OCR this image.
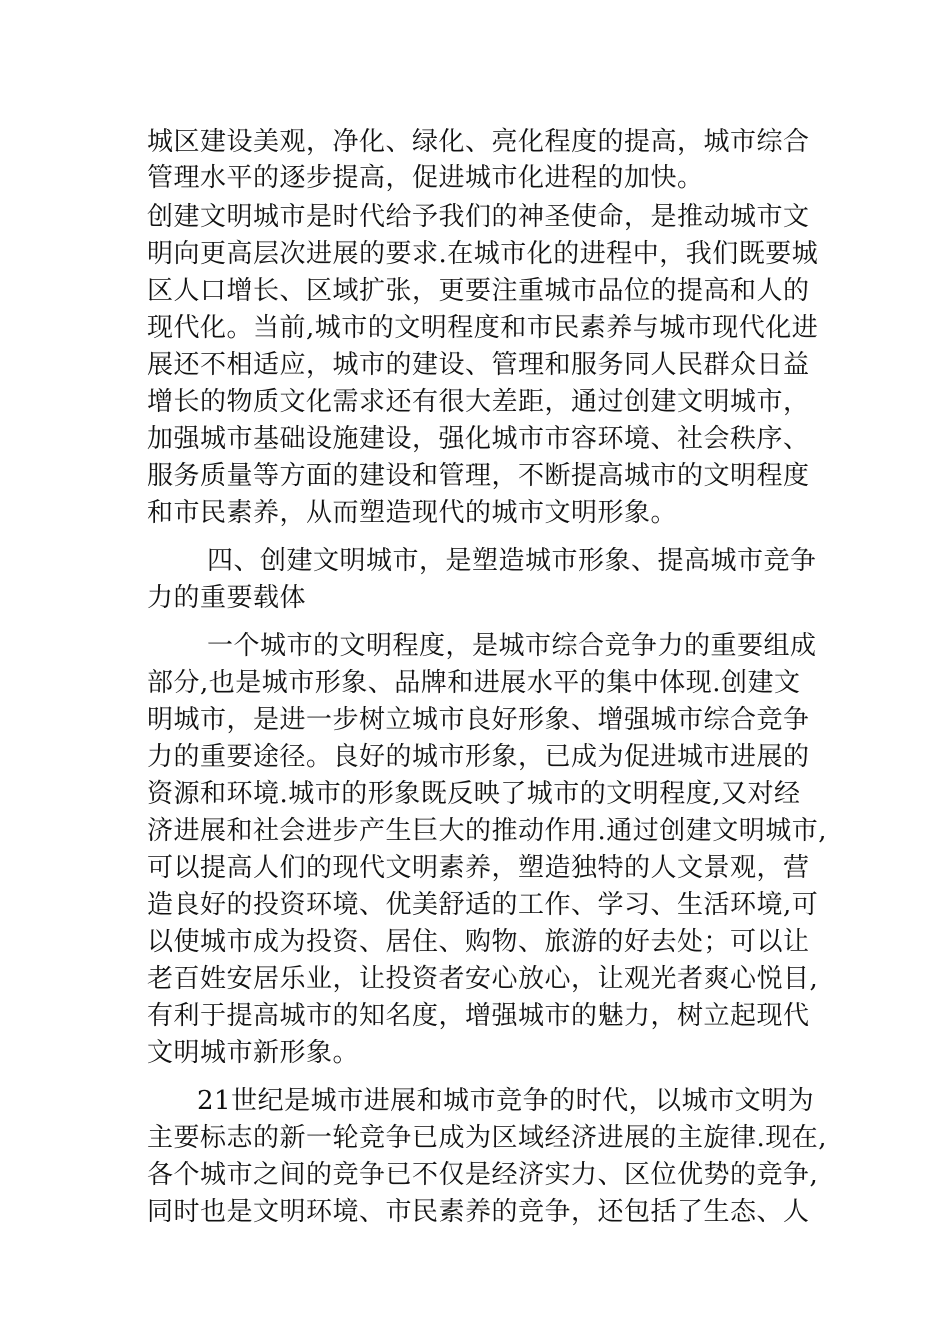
城区建设美观，净化、绿化、亮化程度的提高，城市综合
管理水平的逐步提高，促进城市化进程的加快。
创建文明城市是时代给予我们的神圣使命，是推动城市文
明向更高层次进展的要求.在城市化的进程中，我们既要城
区人口增长、区域扩张，更要注重城市品位的提高和人的
现代化。当前,城市的文明程度和市民素养与城市现代化进
展还不相适应，城市的建设、管理和服务同人民群众日益
增长的物质文化需求还有很大差距，通过创建文明城市，
加强城市基础设施建设，强化城市市容环境、社会秩序、
服务质量等方面的建设和管理，不断提高城市的文明程度
和市民素养，从而塑造现代的城市文明形象。
四、创建文明城市，是塑造城市形象、提高城市竞争
力的重要载体
一个城市的文明程度，是城市综合竞争力的重要组成
部分,也是城市形象、品牌和进展水平的集中体现.创建文
明城市，是进一步树立城市良好形象、增强城市综合竞争
力的重要途径。良好的城市形象，已成为促进城市进展的
资源和环境.城市的形象既反映了城市的文明程度,又对经
济进展和社会进步产生巨大的推动作用.通过创建文明城市,
可以提高人们的现代文明素养，塑造独特的人文景观，营
造良好的投资环境、优美舒适的工作、学习、生活环境,可
以使城市成为投资、居住、购物、旅游的好去处；可以让
老百姓安居乐业，让投资者安心放心，让观光者爽心悦目,
有利于提高城市的知名度，增强城市的魅力，树立起现代
文明城市新形象。
21世纪是城市进展和城市竞争的时代，以城市文明为
主要标志的新一轮竞争已成为区域经济进展的主旋律.现在,
各个城市之间的竞争已不仅是经济实力、区位优势的竞争,
同时也是文明环境、市民素养的竞争，还包括了生态、人
